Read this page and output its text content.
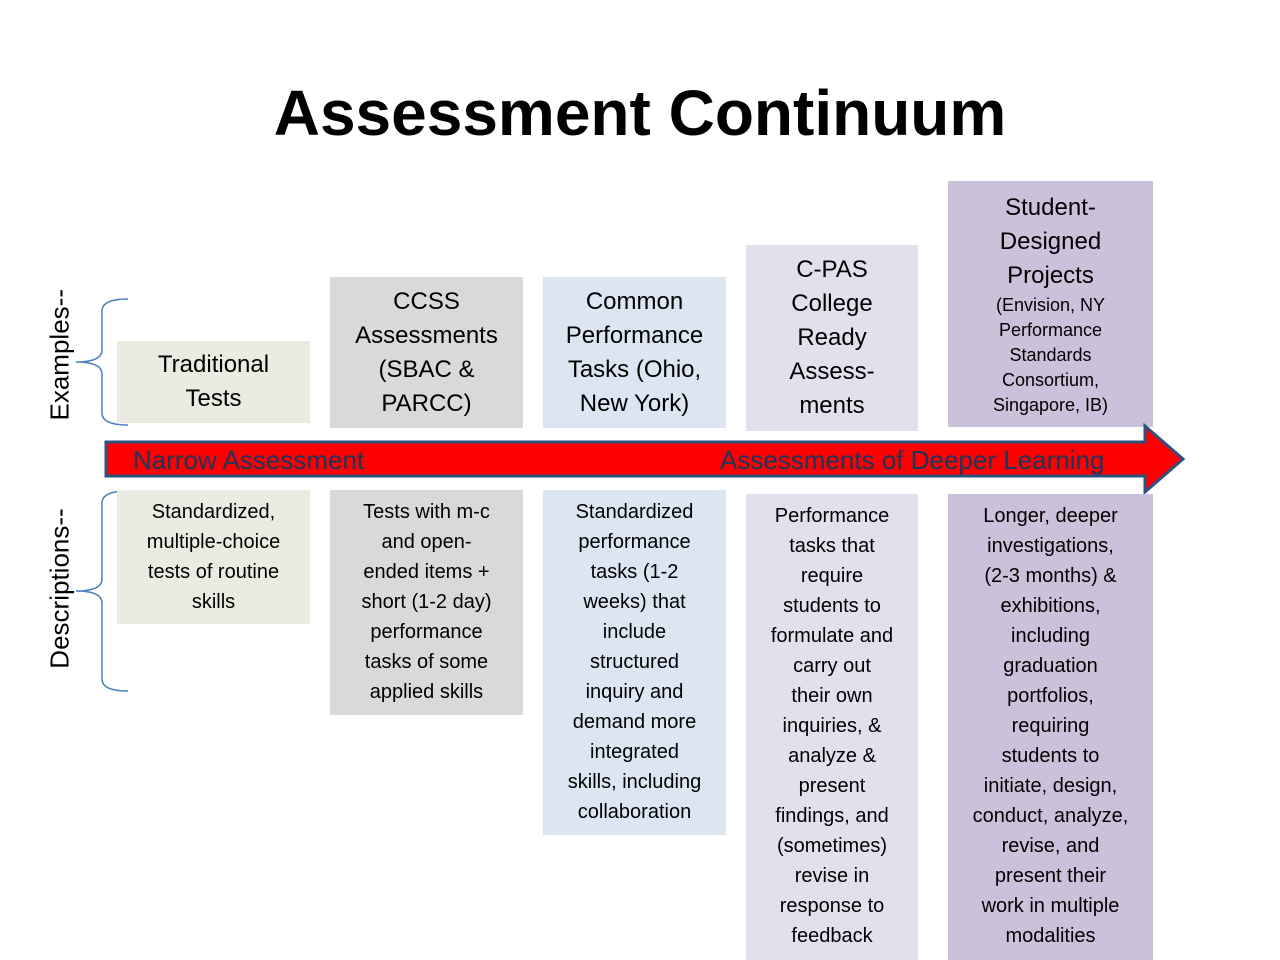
Assessment Continuum
Examples--
Descriptions--
Traditional
Tests
CCSS
Assessments
(SBAC &
PARCC)
Common
Performance
Tasks (Ohio,
New York)
C-PAS
College
Ready
Assess-
ments
Student-
Designed
Projects
(Envision, NY
Performance
Standards
Consortium,
Singapore, IB)
Narrow Assessment	Assessments of Deeper Learning
Standardized,
multiple-choice
tests of routine
skills
Tests with m-c
and open-
ended items +
short (1-2 day)
performance
tasks of some
applied skills
Standardized
performance
tasks (1-2
weeks) that
include
structured
inquiry and
demand more
integrated
skills, including
collaboration
Performance
tasks that
require
students to
formulate and
carry out
their own
inquiries, &
analyze &
present
findings, and
(sometimes)
revise in
response to
feedback
Longer, deeper
investigations,
(2-3 months) &
exhibitions,
including
graduation
portfolios,
requiring
students to
initiate, design,
conduct, analyze,
revise, and
present their
work in multiple
modalities
